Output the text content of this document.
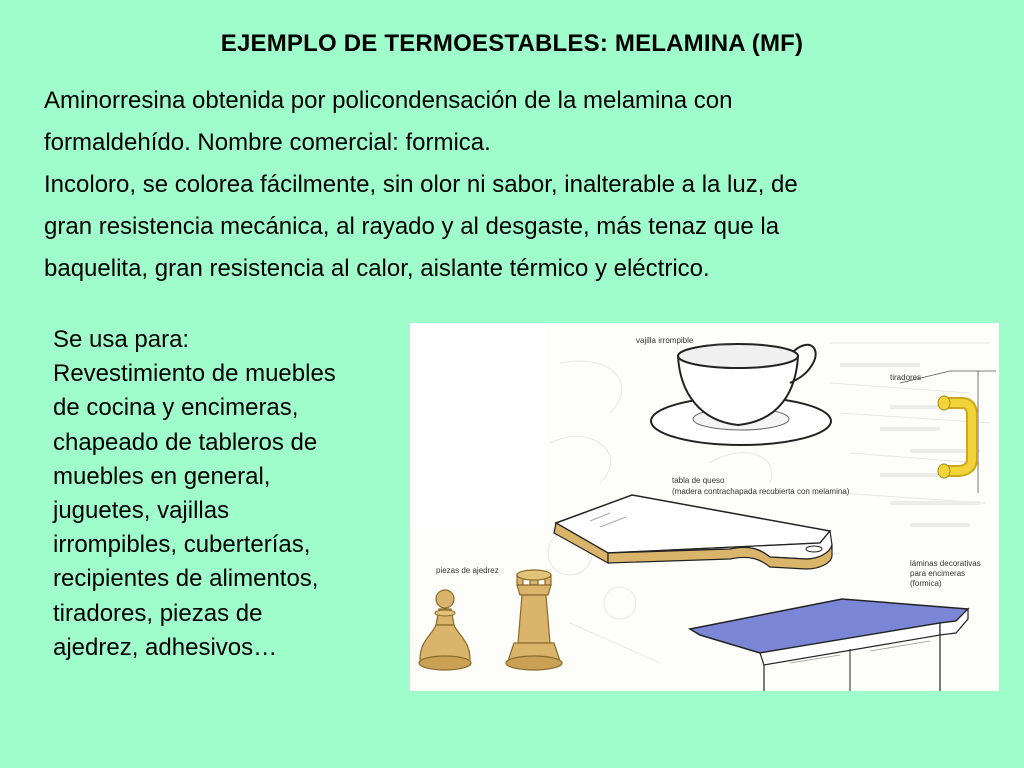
EJEMPLO DE TERMOESTABLES: MELAMINA (MF)

Aminorresina obtenida por policondensación de la melamina con

formaldehído. Nombre comercial: formica.

Incoloro, se colorea fácilmente, sin olor ni sabor, inalterable a la luz, de

gran resistencia mecánica, al rayado y al desgaste, más tenaz que la

baquelita, gran resistencia al calor, aislante térmico y eléctrico.

Se usa para:

Revestimiento de muebles

de cocina y encimeras,

chapeado de tableros de

muebles en general,

juguetes, vajillas

irrompibles, cuberterías,

recipientes de alimentos,

tiradores, piezas de

ajedrez, adhesivos…

vajilla irrompible
tiradores
tabla de queso
(madera contrachapada recubierta con melamina)
piezas de ajedrez
láminas decorativas
para encimeras
(formica)
